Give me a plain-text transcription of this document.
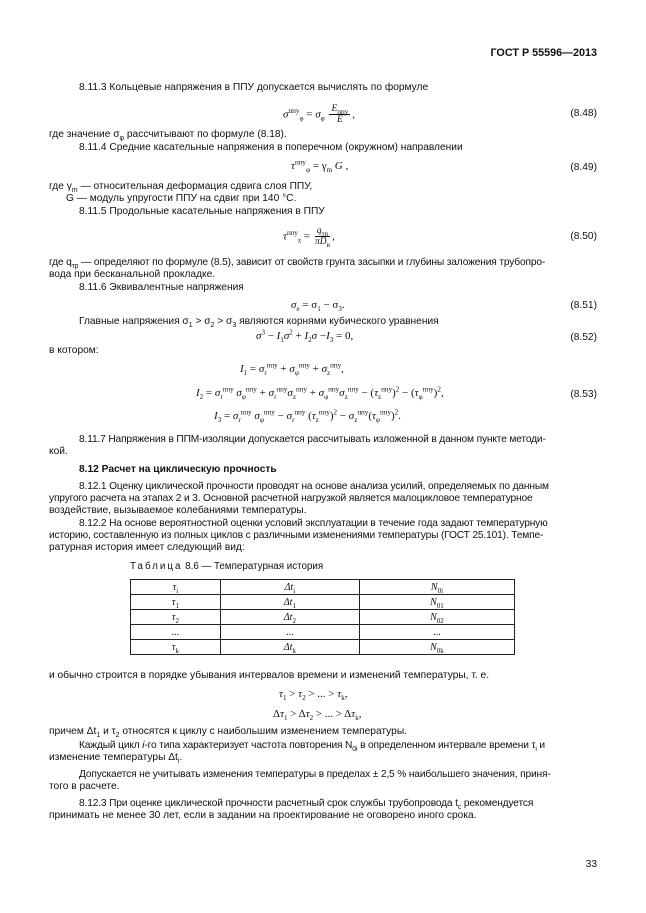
ГОСТ Р 55596—2013
8.11.3 Кольцевые напряжения в ППУ допускается вычислять по формуле
$\sigma^{ппу}_\varphi = \sigma_\varphi \frac{E_{ппу}}{E}$ ,	(8.48)
где значение $\sigma_\varphi$ рассчитывают по формуле (8.18).
8.11.4 Средние касательные напряжения в поперечном (окружном) направлении
$\tau^{ппу}_\varphi = \gamma_m$ G ,	(8.49)
где $\gamma_m$ — относительная деформация сдвига слоя ППУ,
G — модуль упругости ППУ на сдвиг при 140 °С.
8.11.5 Продольные касательные напряжения в ППУ
$\tau^{ппу}_z = \frac{q_{тр}}{\pi D_в}$ ,	(8.50)
где $q_{тр}$ — определяют по формуле (8.5), зависит от свойств грунта засыпки и глубины заложения трубопро-
вода при бесканальной прокладке.
8.11.6 Эквивалентные напряжения
$\sigma_е = \sigma_1 - \sigma_3$.	(8.51)
Главные напряжения $\sigma_1 > \sigma_2 > \sigma_3$ являются корнями кубического уравнения
$\sigma^3 - I_1\sigma^2 + I_2\sigma -I_3 = 0$,	(8.52)
в котором:
$I_1 = \sigma_r^{ппу} + \sigma_\varphi^{ппу} + \sigma_z^{ппу}$,
$I_2 = \sigma_r^{ппу}$ $\sigma_\varphi^{ппу} + \sigma_r^{ппу}\sigma_z^{ппу} + \sigma_\varphi^{ппу}\sigma_z^{ппу} - (\tau_z^{ппу})^2 - (\tau_\varphi^{ппу})^2$,	(8.53)
$I_3 = \sigma_r^{ппу}$ $\sigma_\varphi^{ппу} - \sigma_r^{ппу}$ $(\tau_z^{ппу})^2 - \sigma_z^{ппу}(\tau_\varphi^{ппу})^2$.
8.11.7 Напряжения в ППМ-изоляции допускается рассчитывать изложенной в данном пункте методи-
кой.
8.12 Расчет на циклическую прочность
8.12.1 Оценку циклической прочности проводят на основе анализа усилий, определяемых по данным
упругого расчета на этапах 2 и 3. Основной расчетной нагрузкой является малоцикловое температурное
воздействие, вызываемое колебаниями температуры.
8.12.2 На основе вероятностной оценки условий эксплуатации в течение года задают температурную
историю, составленную из полных циклов с различными изменениями температуры (ГОСТ 25.101). Темпе-
ратурная история имеет следующий вид:
Таблица 8.6 — Температурная история
$\tau_i$	$\Delta t_i$	$N_{0i}$
$\tau_1$	$\Delta t_1$	$N_{01}$
$\tau_2$	$\Delta t_2$	$N_{02}$
...	...	...
$\tau_k$	$\Delta t_k$	$N_{0k}$
и обычно строится в порядке убывания интервалов времени и изменений температуры, т. е.
$\tau_1 > \tau_2$ > ... > $\tau_k$,
$\Delta\tau_1 > \Delta\tau_2$ > ... > $\Delta\tau_k$,
причем $\Delta t_1$ и $\tau_2$ относятся к циклу с наибольшим изменением температуры.
Каждый цикл i-го типа характеризует частота повторения $N_{0i}$ в определенном интервале времени $\tau_i$ и
изменение температуры $\Delta t_i$.
Допускается не учитывать изменения температуры в пределах ± 2,5 % наибольшего значения, приня-
того в расчете.
8.12.3 При оценке циклической прочности расчетный срок службы трубопровода $t_c$ рекомендуется
принимать не менее 30 лет, если в задании на проектирование не оговорено иного срока.
33
